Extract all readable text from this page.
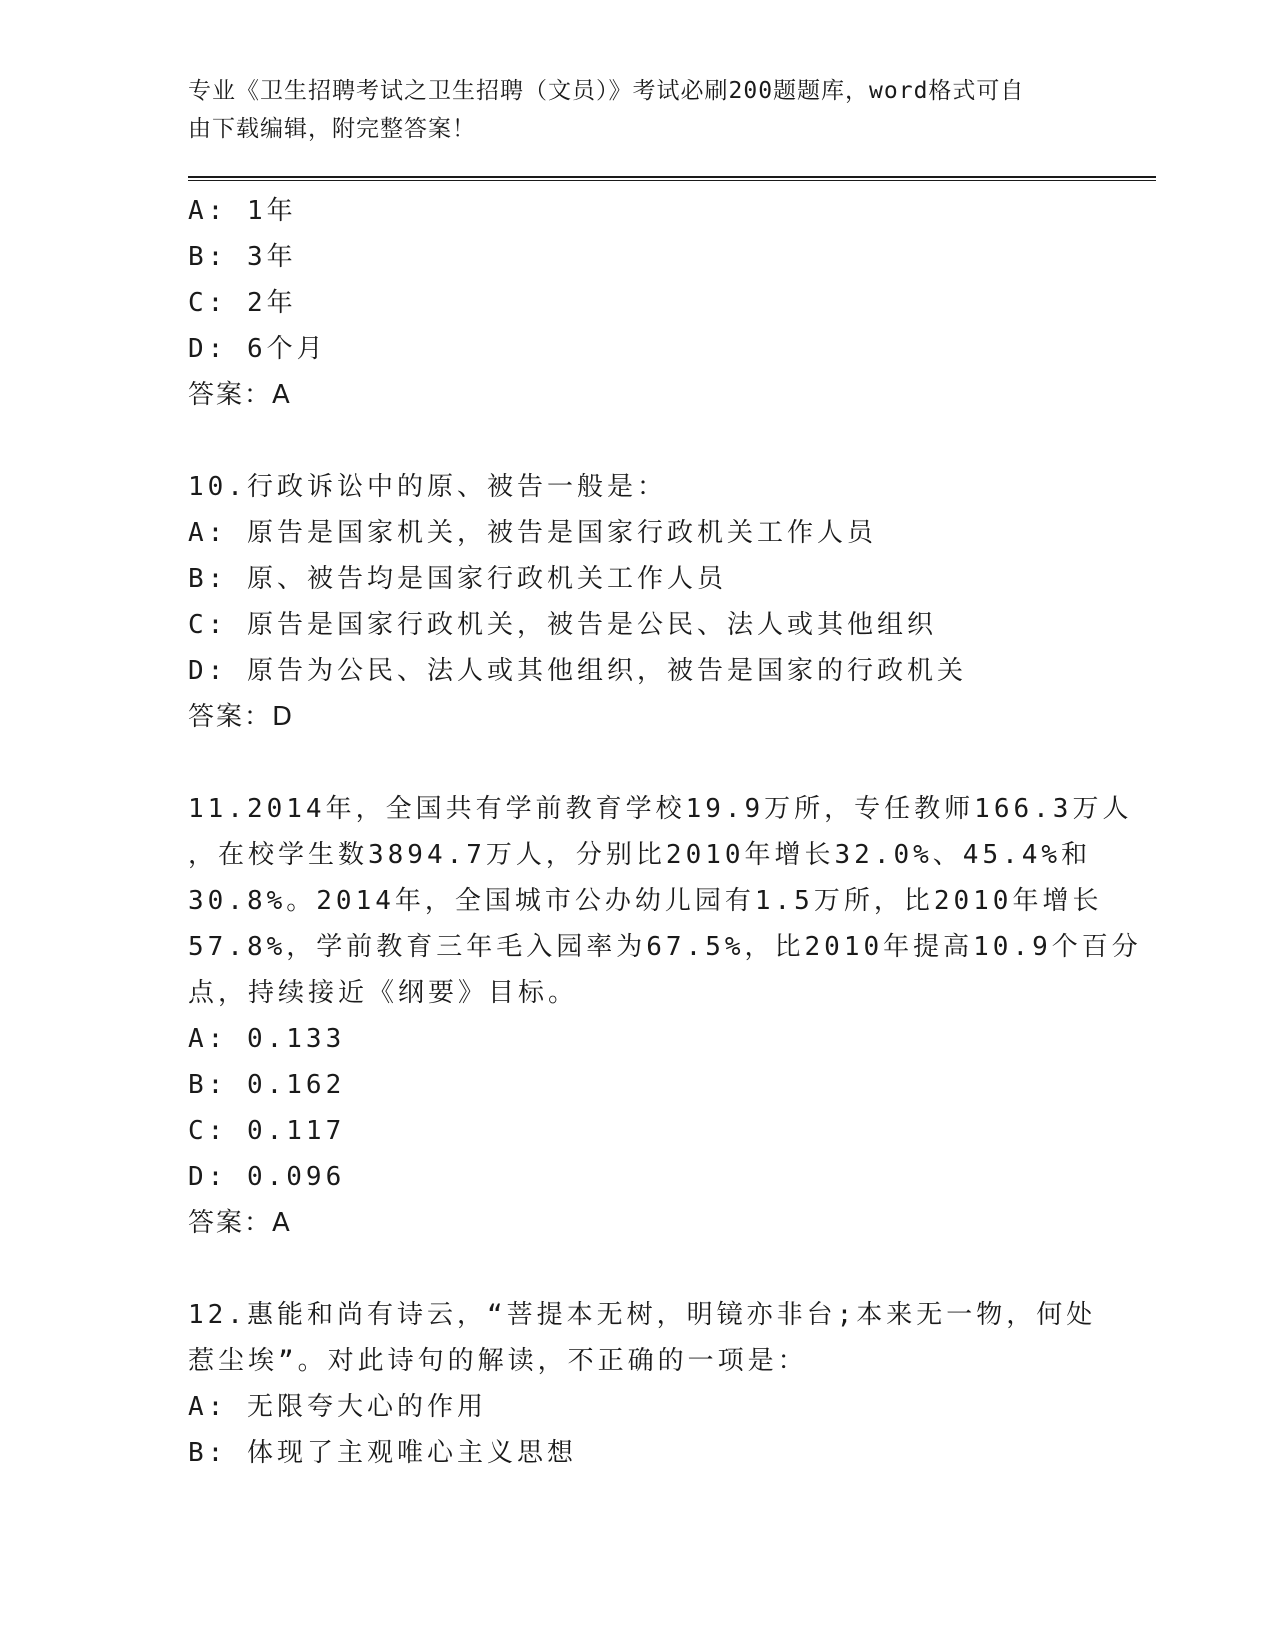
专业《卫生招聘考试之卫生招聘（文员）》考试必刷200题题库，word格式可自
由下载编辑，附完整答案！
A: 1年
B: 3年
C: 2年
D: 6个月
答案：A
10.行政诉讼中的原、被告一般是：
A: 原告是国家机关，被告是国家行政机关工作人员
B: 原、被告均是国家行政机关工作人员
C: 原告是国家行政机关，被告是公民、法人或其他组织
D: 原告为公民、法人或其他组织，被告是国家的行政机关
答案：D
11.2014年，全国共有学前教育学校19.9万所，专任教师166.3万人
，在校学生数3894.7万人，分别比2010年增长32.0%、45.4%和
30.8%。2014年，全国城市公办幼儿园有1.5万所，比2010年增长
57.8%，学前教育三年毛入园率为67.5%，比2010年提高10.9个百分
点，持续接近《纲要》目标。
A: 0.133
B: 0.162
C: 0.117
D: 0.096
答案：A
12.惠能和尚有诗云，“菩提本无树，明镜亦非台;本来无一物，何处
惹尘埃”。对此诗句的解读，不正确的一项是：
A: 无限夸大心的作用
B: 体现了主观唯心主义思想
